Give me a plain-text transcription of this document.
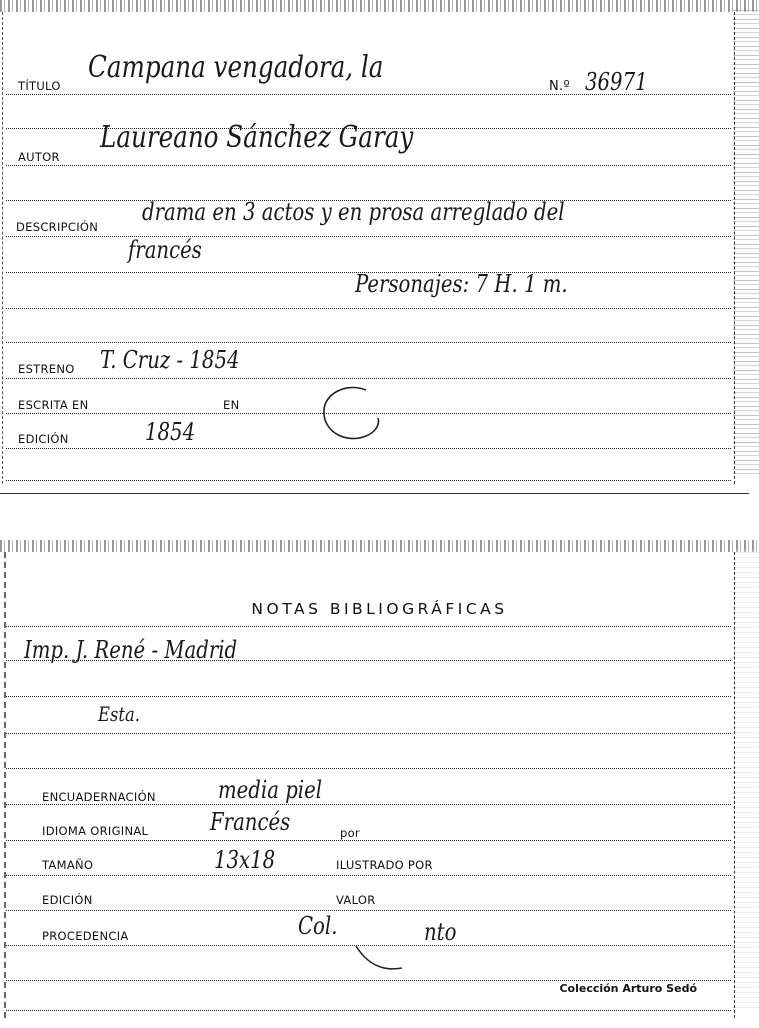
TÍTULO
Campana vengadora, la
N.º 36971
AUTOR
Laureano Sánchez Garay
DESCRIPCIÓN
drama en 3 actos y en prosa arreglado del
francés
Personajes: 7 H. 1 m.
ESTRENO T. Cruz - 1854
ESCRITA EN	EN
EDICIÓN	1854
NOTAS BIBLIOGRÁFICAS
Imp. J. René - Madrid
Esta.
ENCUADERNACIÓN	media piel
IDIOMA ORIGINAL	Francés	por
TAMAÑO	13x18	ILUSTRADO POR
EDICIÓN	VALOR
PROCEDENCIA	Col.	nto
Colección Arturo Sedó
